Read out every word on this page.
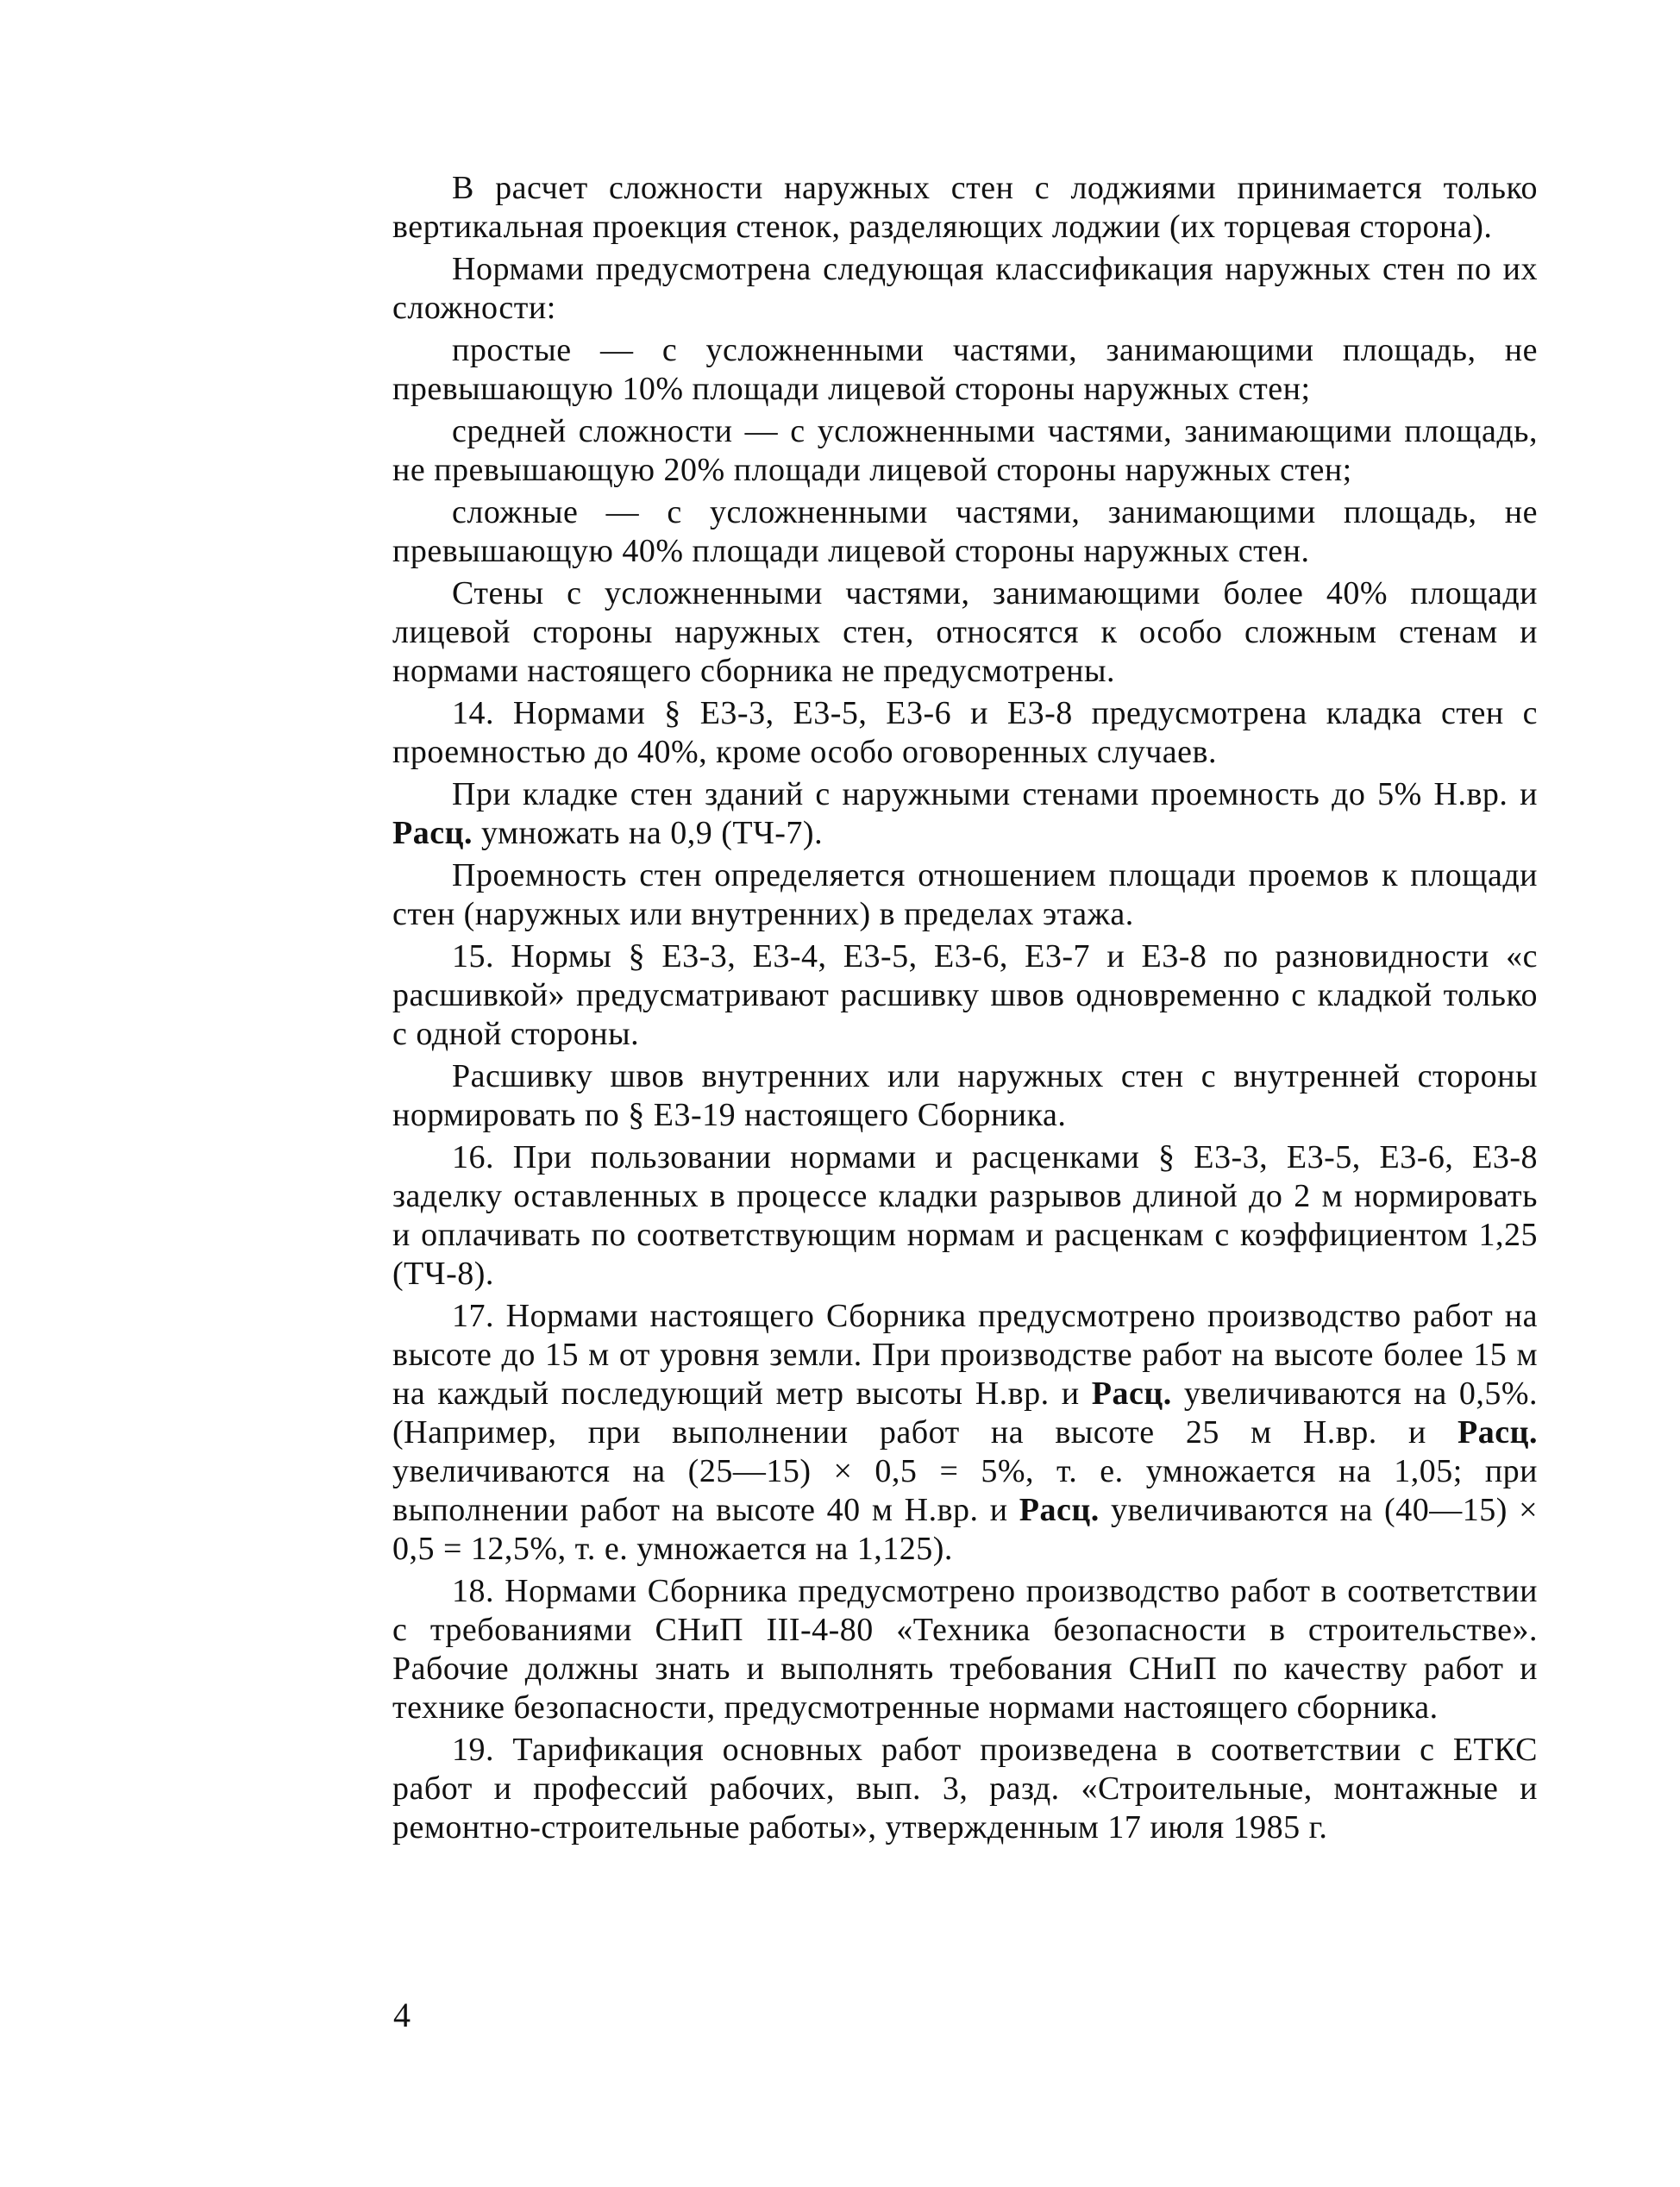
В расчет сложности наружных стен с лоджиями принимается только вертикальная проекция стенок, разделяющих лоджии (их торцевая сторона).

Нормами предусмотрена следующая классификация наружных стен по их сложности:

простые — с усложненными частями, занимающими площадь, не превышающую 10% площади лицевой стороны наружных стен;

средней сложности — с усложненными частями, занимающими площадь, не превышающую 20% площади лицевой стороны наружных стен;

сложные — с усложненными частями, занимающими площадь, не превышающую 40% площади лицевой стороны наружных стен.

Стены с усложненными частями, занимающими более 40% площади лицевой стороны наружных стен, относятся к особо сложным стенам и нормами настоящего сборника не предусмотрены.

14. Нормами § Е3-3, Е3-5, Е3-6 и Е3-8 предусмотрена кладка стен с проемностью до 40%, кроме особо оговоренных случаев.

При кладке стен зданий с наружными стенами проемность до 5% Н.вр. и Расц. умножать на 0,9 (ТЧ-7).

Проемность стен определяется отношением площади проемов к площади стен (наружных или внутренних) в пределах этажа.

15. Нормы § Е3-3, Е3-4, Е3-5, Е3-6, Е3-7 и Е3-8 по разновидности «с расшивкой» предусматривают расшивку швов одновременно с кладкой только с одной стороны.

Расшивку швов внутренних или наружных стен с внутренней стороны нормировать по § Е3-19 настоящего Сборника.

16. При пользовании нормами и расценками § Е3-3, Е3-5, Е3-6, Е3-8 заделку оставленных в процессе кладки разрывов длиной до 2 м нормировать и оплачивать по соответствующим нормам и расценкам с коэффициентом 1,25 (ТЧ-8).

17. Нормами настоящего Сборника предусмотрено производство работ на высоте до 15 м от уровня земли. При производстве работ на высоте более 15 м на каждый последующий метр высоты Н.вр. и Расц. увеличиваются на 0,5%. (Например, при выполнении работ на высоте 25 м Н.вр. и Расц. увеличиваются на (25—15) × 0,5 = 5%, т. е. умножается на 1,05; при выполнении работ на высоте 40 м Н.вр. и Расц. увеличиваются на (40—15) × 0,5 = 12,5%, т. е. умножается на 1,125).

18. Нормами Сборника предусмотрено производство работ в соответствии с требованиями СНиП III-4-80 «Техника безопасности в строительстве». Рабочие должны знать и выполнять требования СНиП по качеству работ и технике безопасности, предусмотренные нормами настоящего сборника.

19. Тарификация основных работ произведена в соответствии с ЕТКС работ и профессий рабочих, вып. 3, разд. «Строительные, монтажные и ремонтно-строительные работы», утвержденным 17 июля 1985 г.

4
